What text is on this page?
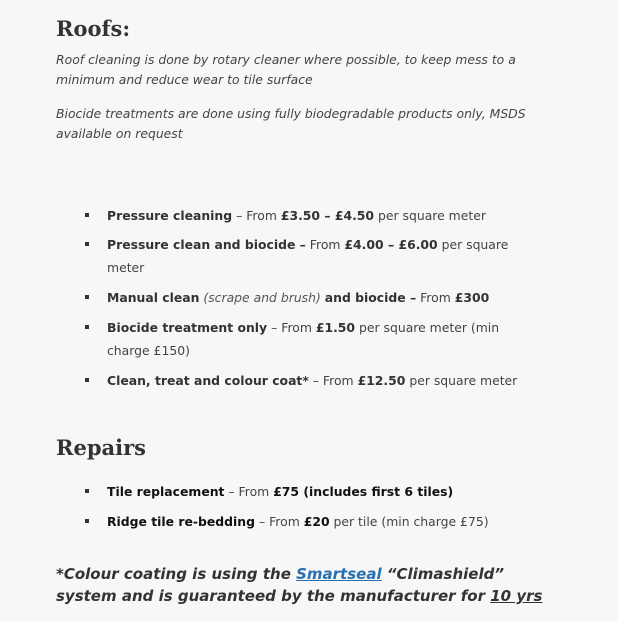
Roofs:

Roof cleaning is done by rotary cleaner where possible, to keep mess to a minimum and reduce wear to tile surface

Biocide treatments are done using fully biodegradable products only, MSDS available on request

Pressure cleaning – From £3.50 – £4.50 per square meter
Pressure clean and biocide – From £4.00 – £6.00 per square meter
Manual clean (scrape and brush) and biocide – From £300
Biocide treatment only – From £1.50 per square meter (min charge £150)
Clean, treat and colour coat* – From £12.50 per square meter
Repairs
Tile replacement – From £75 (includes first 6 tiles)
Ridge tile re-bedding – From £20 per tile (min charge £75)
*Colour coating is using the Smartseal “Climashield” system and is guaranteed by the manufacturer for 10 yrs
